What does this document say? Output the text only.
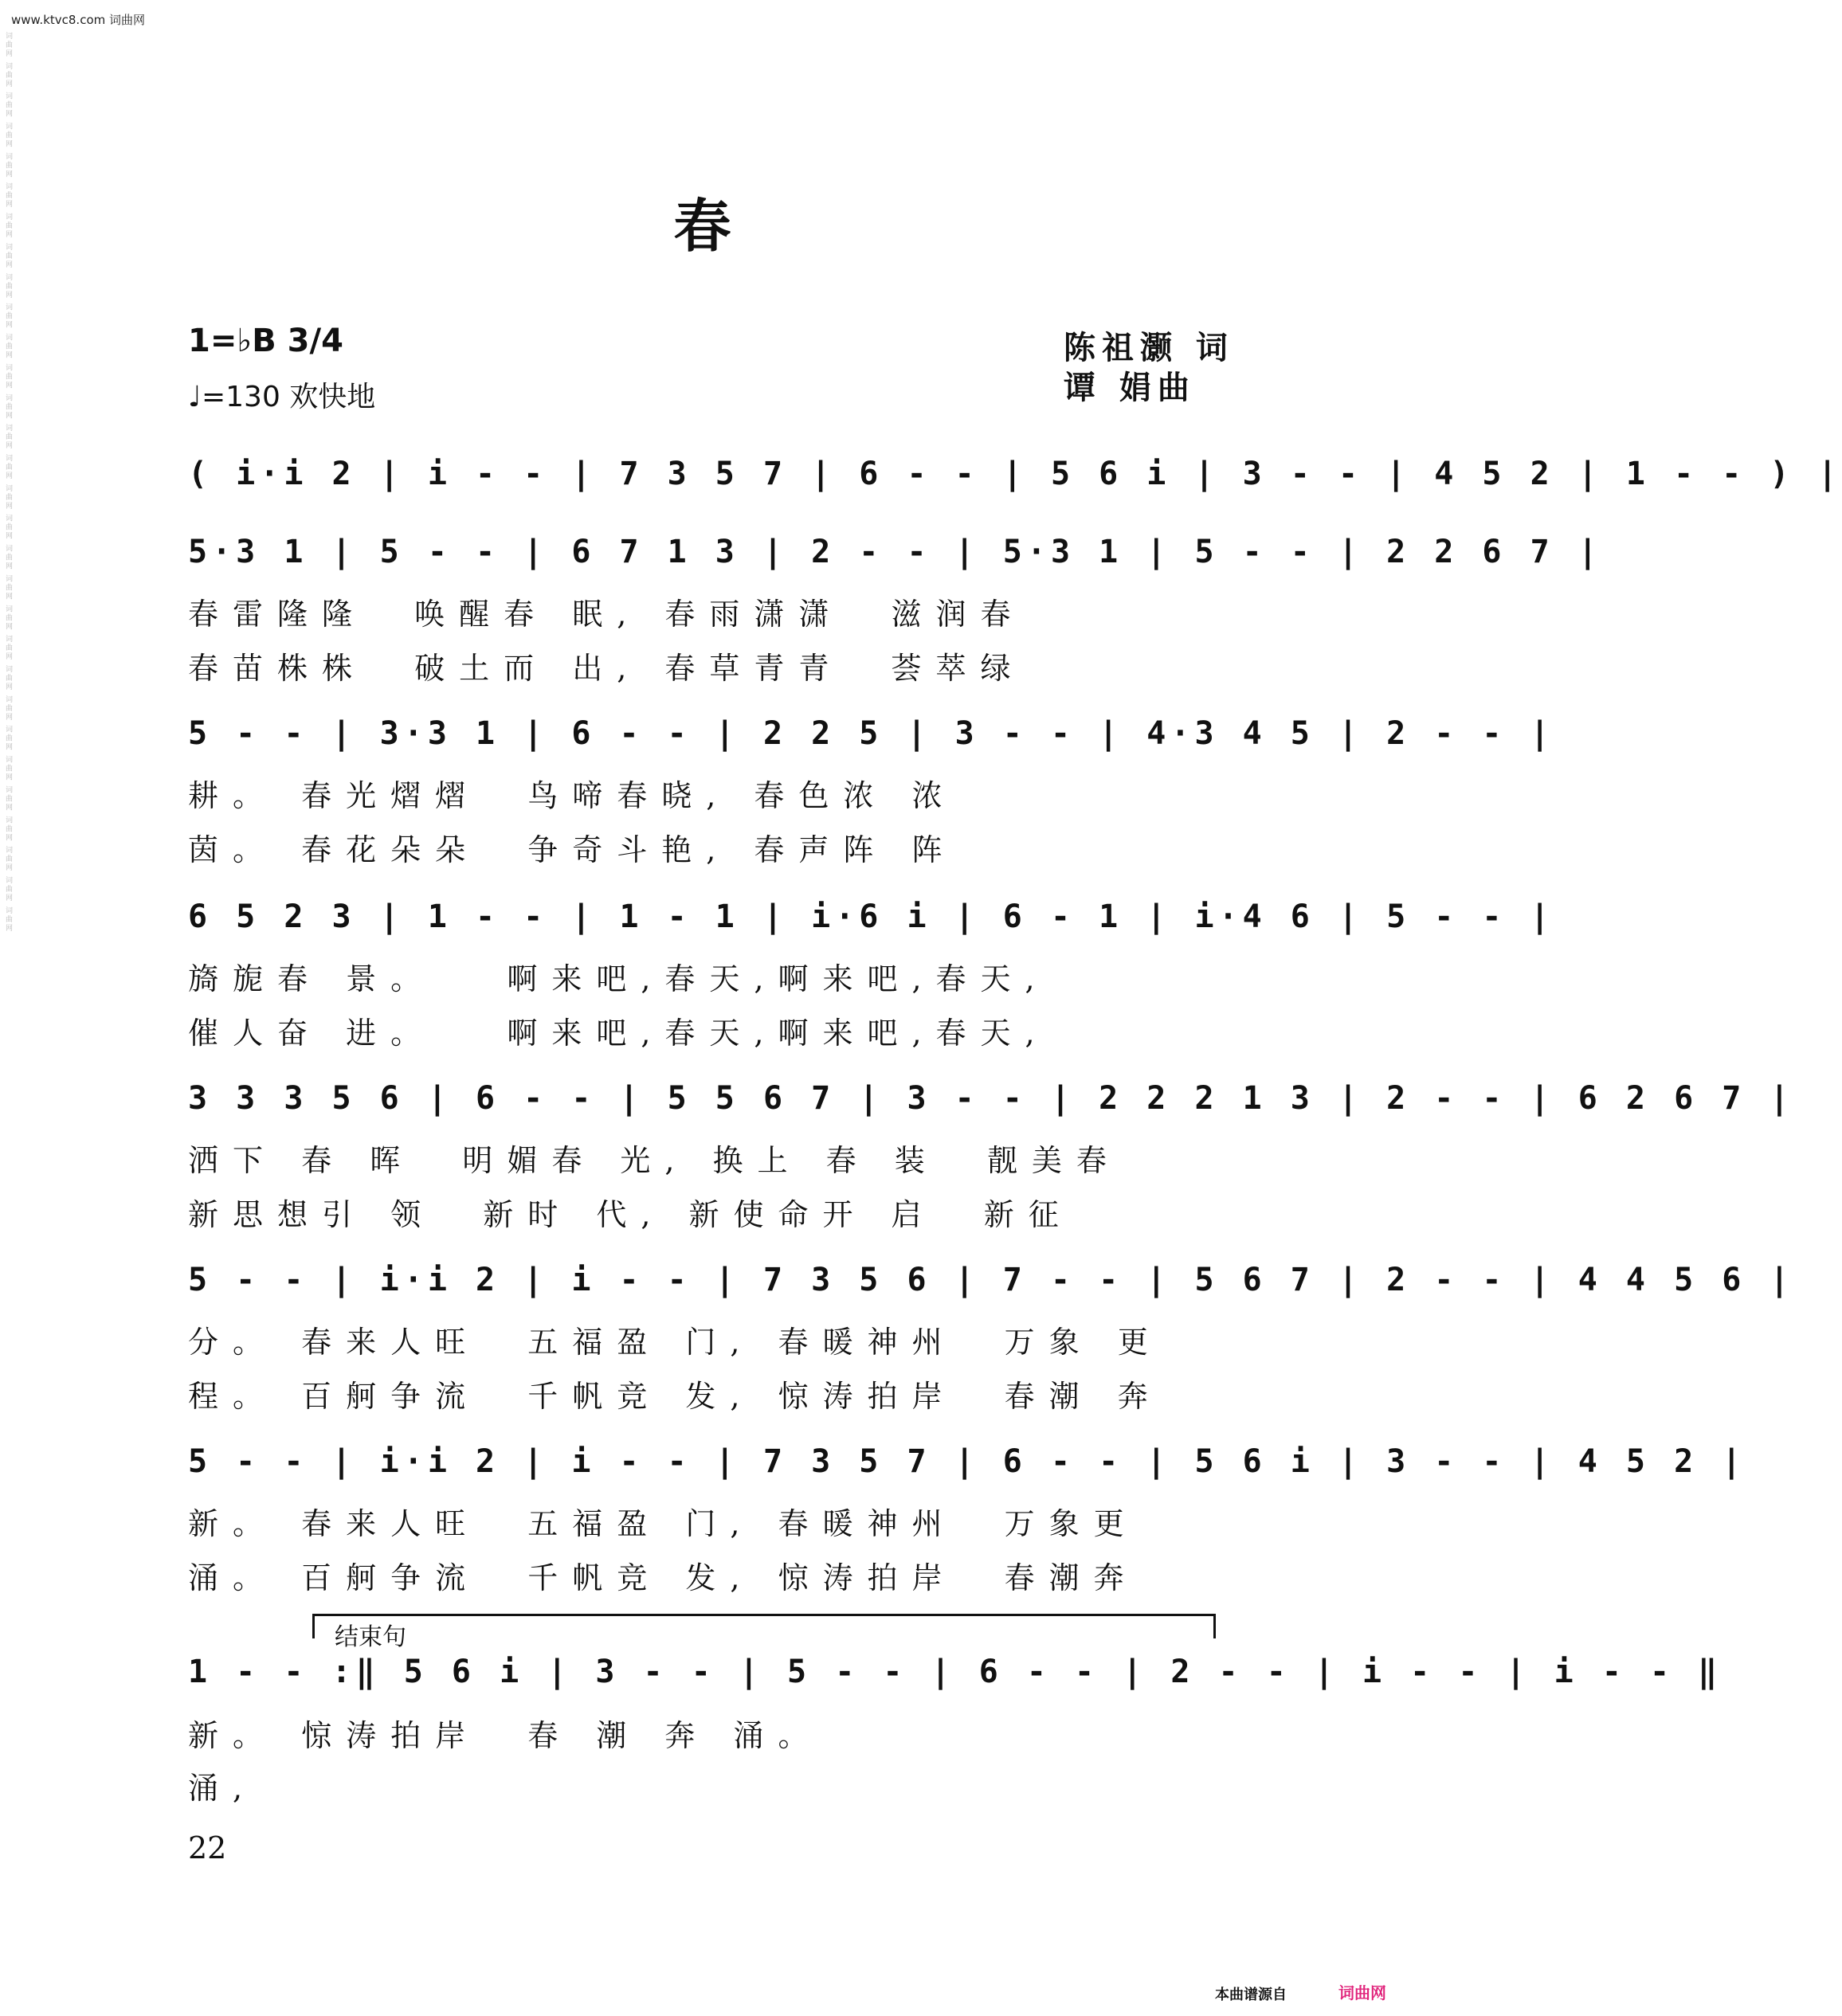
www.ktvc8.com 词曲网
词曲网 词曲网 词曲网 词曲网 词曲网 词曲网 词曲网 词曲网 词曲网 词曲网 词曲网 词曲网 词曲网 词曲网 词曲网 词曲网 词曲网 词曲网 词曲网 词曲网 词曲网 词曲网 词曲网 词曲网 词曲网 词曲网 词曲网 词曲网 词曲网 词曲网	春
1=♭B 3/4
♩=130 欢快地
陈祖灏 词
谭 娟曲
( i·i 2 | i - - | 7 3 5 7 | 6 - - | 5 6 i | 3 - - | 4 5 2 | 1 - - ) |
5·3 1 | 5 - - | 6 7 1 3 | 2 - - | 5·3 1 | 5 - - | 2 2 6 7 |
春雷隆隆  唤醒春 眠, 春雨潇潇  滋润春
春苗株株  破土而 出, 春草青青  荟萃绿
5 - - | 3·3 1 | 6 - - | 2 2 5 | 3 - - | 4·3 4 5 | 2 - - |
耕。 春光熠熠  鸟啼春晓, 春色浓 浓
茵。 春花朵朵  争奇斗艳, 春声阵 阵
6 5 2 3 | 1 - - | 1 - 1 | i·6 i | 6 - 1 | i·4 6 | 5 - - |
旖旎春 景。   啊来吧,春天,啊来吧,春天,
催人奋 进。   啊来吧,春天,啊来吧,春天,
3 3 3 5 6 | 6 - - | 5 5 6 7 | 3 - - | 2 2 2 1 3 | 2 - - | 6 2 6 7 |
洒下 春 晖  明媚春 光, 换上 春 装  靓美春
新思想引 领  新时 代, 新使命开 启  新征
5 - - | i·i 2 | i - - | 7 3 5 6 | 7 - - | 5 6 7 | 2 - - | 4 4 5 6 |
分。 春来人旺  五福盈 门, 春暖神州  万象 更
程。 百舸争流  千帆竞 发, 惊涛拍岸  春潮 奔
5 - - | i·i 2 | i - - | 7 3 5 7 | 6 - - | 5 6 i | 3 - - | 4 5 2 |
新。 春来人旺  五福盈 门, 春暖神州  万象更
涌。 百舸争流  千帆竞 发, 惊涛拍岸  春潮奔
结束句
1 - - :‖ 5 6 i | 3 - - | 5 - - | 6 - - | 2 - - | i - - | i - - ‖
新。 惊涛拍岸  春 潮 奔 涌。
涌,
22
本曲谱源自	词曲网
